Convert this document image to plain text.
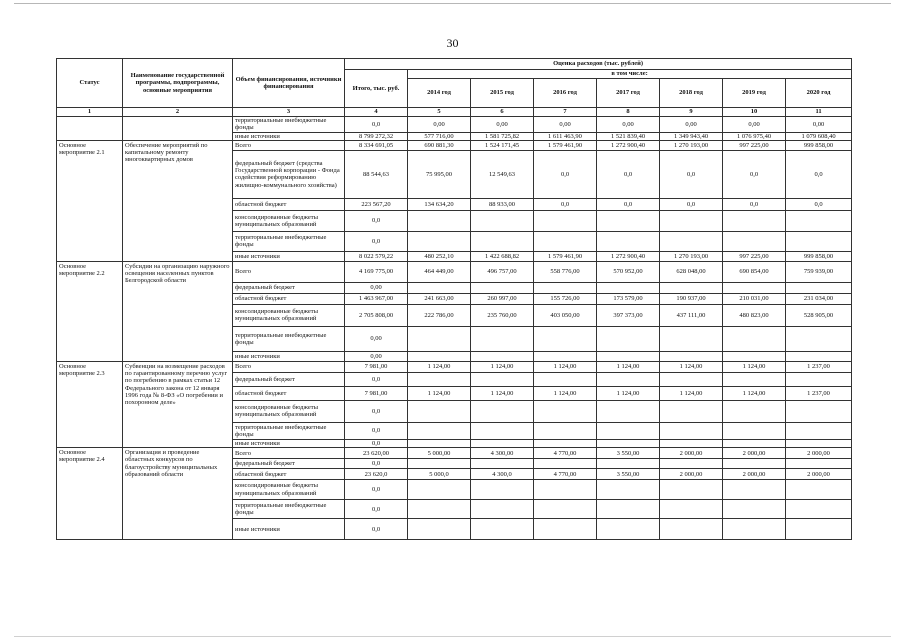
30
Статус	Наименование государственной программы, подпрограммы, основные мероприятия	Объем финансирования, источники финансирования	Оценка расходов (тыс. рублей)							
			Итого, тыс. руб.	в том числе:						
				2014 год	2015 год	2016 год	2017 год	2018 год	2019 год	2020 год
1	2	3	4	5	6	7	8	9	10	11
		территориальные внебюджетные фонды	0,0	0,00	0,00	0,00	0,00	0,00	0,00	0,00
		иные источники	8 799 272,32	577 716,00	1 581 725,82	1 611 463,90	1 521 839,40	1 349 943,40	1 076 975,40	1 079 608,40
Основное мероприятие 2.1	Обеспечение мероприятий по капитальному ремонту многоквартирных домов	Всего	8 334 691,05	690 881,30	1 524 171,45	1 579 461,90	1 272 900,40	1 270 193,00	997 225,00	999 858,00
		федеральный бюджет (средства Государственной корпорации - Фонда содействия реформированию жилищно-коммунального хозяйства)	88 544,63	75 995,00	12 549,63	0,0	0,0	0,0	0,0	0,0
		областной бюджет	223 567,20	134 634,20	88 933,00	0,0	0,0	0,0	0,0	0,0
		консолидированные бюджеты муниципальных образований	0,0							
		территориальные внебюджетные фонды	0,0							
		иные источники	8 022 579,22	480 252,10	1 422 688,82	1 579 461,90	1 272 900,40	1 270 193,00	997 225,00	999 858,00
Основное мероприятие 2.2	Субсидии на организацию наружного освещения населенных пунктов Белгородской области	Всего	4 169 775,00	464 449,00	496 757,00	558 776,00	570 952,00	628 048,00	690 854,00	759 939,00
		федеральный бюджет	0,00							
		областной бюджет	1 463 967,00	241 663,00	260 997,00	155 726,00	173 579,00	190 937,00	210 031,00	231 034,00
		консолидированные бюджеты муниципальных образований	2 705 808,00	222 786,00	235 760,00	403 050,00	397 373,00	437 111,00	480 823,00	528 905,00
		территориальные внебюджетные фонды	0,00							
		иные источники	0,00							
Основное мероприятие 2.3	Субвенции на возмещение расходов по гарантированному перечню услуг по погребению в рамках статьи 12 Федерального закона от 12 января 1996 года № 8-ФЗ «О погребении и похоронном деле»	Всего	7 981,00	1 124,00	1 124,00	1 124,00	1 124,00	1 124,00	1 124,00	1 237,00
		федеральный бюджет	0,0							
		областной бюджет	7 981,00	1 124,00	1 124,00	1 124,00	1 124,00	1 124,00	1 124,00	1 237,00
		консолидированные бюджеты муниципальных образований	0,0							
		территориальные внебюджетные фонды	0,0							
		иные источники	0,0							
Основное мероприятие 2.4	Организация и проведение областных конкурсов по благоустройству муниципальных образований области	Всего	23 620,00	5 000,00	4 300,00	4 770,00	3 550,00	2 000,00	2 000,00	2 000,00
		федеральный бюджет	0,0							
		областной бюджет	23 620,0	5 000,0	4 300,0	4 770,00	3 550,00	2 000,00	2 000,00	2 000,00
		консолидированные бюджеты муниципальных образований	0,0							
		территориальные внебюджетные фонды	0,0							
		иные источники	0,0							
